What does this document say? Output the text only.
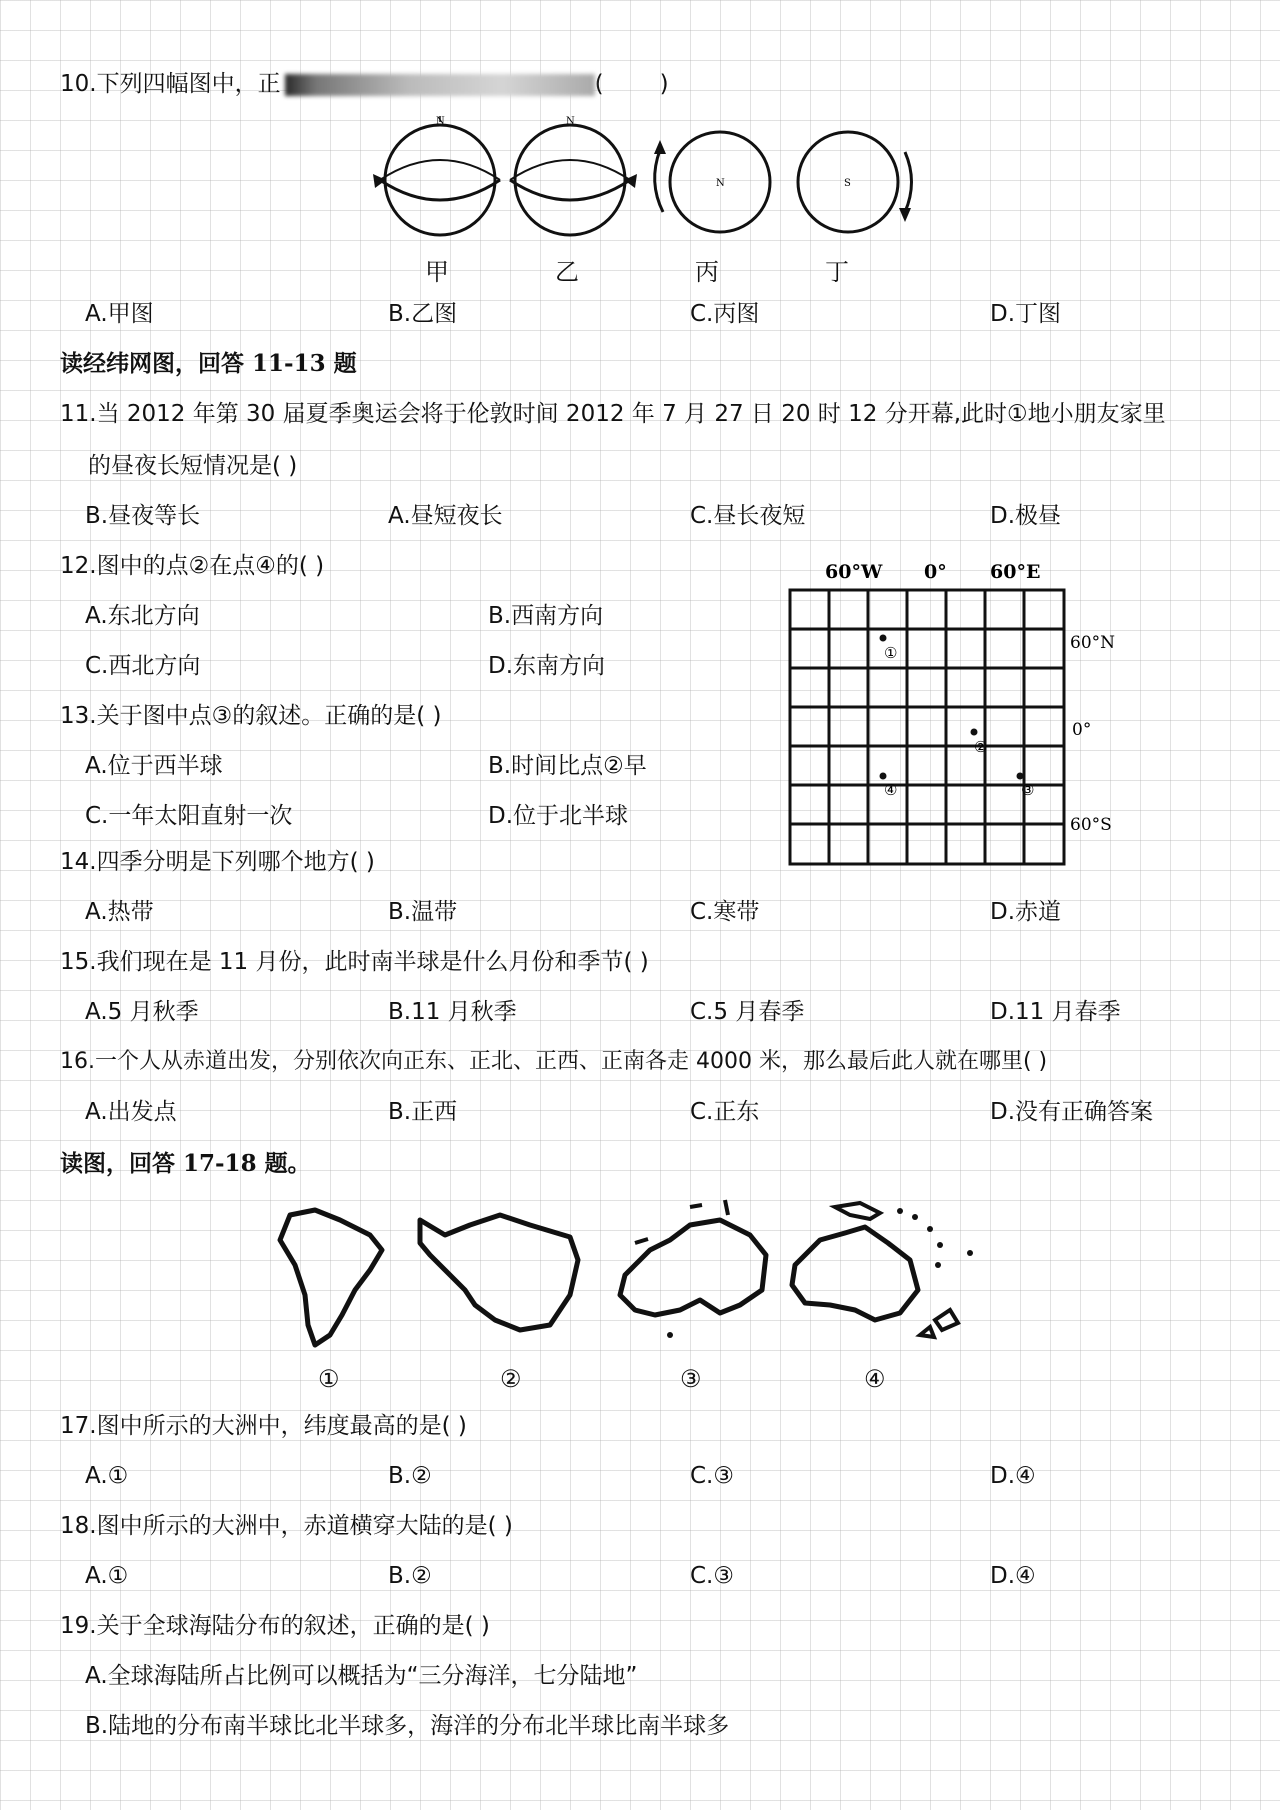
10.下列四幅图中，正	( )
N	N
N	S
甲	乙	丙	丁
A.甲图	B.乙图	C.丙图	D.丁图
读经纬网图，回答 11-13 题
11.当 2012 年第 30 届夏季奥运会将于伦敦时间 2012 年 7 月 27 日 20 时 12 分开幕,此时①地小朋友家里
的昼夜长短情况是( )
B.昼夜等长	A.昼短夜长	C.昼长夜短	D.极昼
12.图中的点②在点④的( )
A.东北方向	B.西南方向
C.西北方向	D.东南方向
13.关于图中点③的叙述。正确的是( )
A.位于西半球	B.时间比点②早
C.一年太阳直射一次	D.位于北半球
60°W 0° 60°E
60°N
0°
60°S
①
②
④	③
14.四季分明是下列哪个地方( )
A.热带	B.温带	C.寒带	D.赤道
15.我们现在是 11 月份，此时南半球是什么月份和季节( )
A.5 月秋季	B.11 月秋季	C.5 月春季	D.11 月春季
16.一个人从赤道出发，分别依次向正东、正北、正西、正南各走 4000 米，那么最后此人就在哪里( )
A.出发点	B.正西	C.正东	D.没有正确答案
读图，回答 17-18 题。
①	②	③	④
17.图中所示的大洲中，纬度最高的是( )
A.①	B.②	C.③	D.④
18.图中所示的大洲中，赤道横穿大陆的是( )
A.①	B.②	C.③	D.④
19.关于全球海陆分布的叙述，正确的是( )
A.全球海陆所占比例可以概括为“三分海洋，七分陆地”
B.陆地的分布南半球比北半球多，海洋的分布北半球比南半球多
